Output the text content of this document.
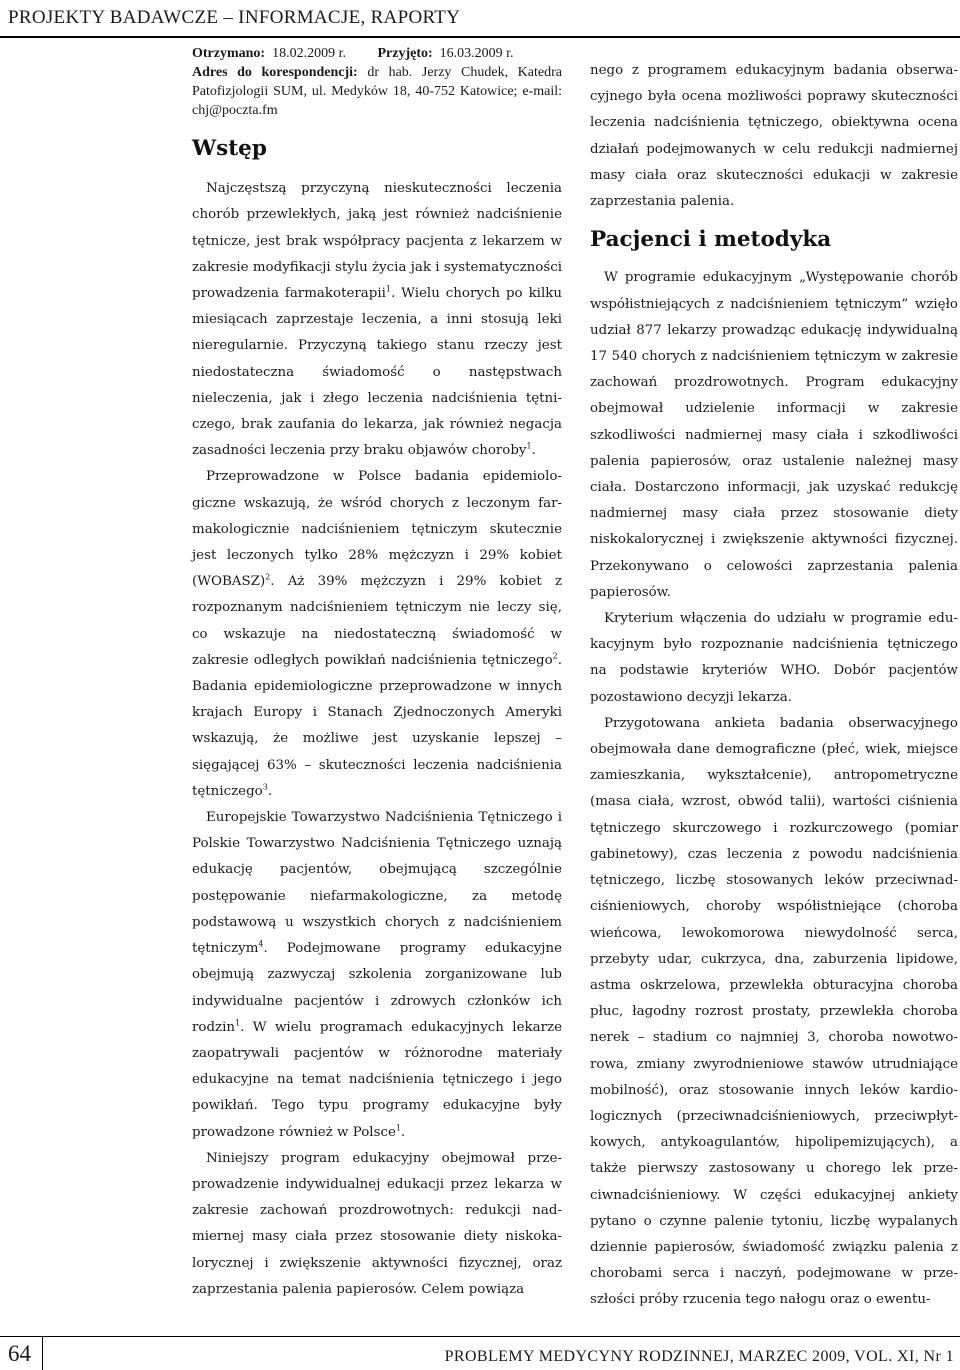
PROJEKTY BADAWCZE – INFORMACJE, RAPORTY

Otrzymano: 18.02.2009 r. Przyjęto: 16.03.2009 r.

Adres do korespondencji: dr hab. Jerzy Chudek, Katedra Patofizjologii SUM, ul. Medyków 18, 40-752 Katowice; e-mail: chj@poczta.fm

Wstęp

Najczęstszą przyczyną nieskuteczności leczenia chorób przewlekłych, jaką jest również nadciśnienie tętnicze, jest brak współpracy pacjenta z lekarzem w zakresie modyfikacji stylu życia jak i systematyczności prowadzenia farmakoterapii$^1$. Wielu chorych po kilku miesiącach zaprzestaje leczenia, a inni stosują leki nieregularnie. Przyczyną takiego stanu rzeczy jest niedostateczna świadomość o następstwach nieleczenia, jak i złego leczenia nadciśnienia tętniczego, brak zaufania do lekarza, jak również negacja zasadności leczenia przy braku objawów choroby$^1$.

Przeprowadzone w Polsce badania epidemiologiczne wskazują, że wśród chorych z leczonym farmakologicznie nadciśnieniem tętniczym skutecznie jest leczonych tylko 28% mężczyzn i 29% kobiet (WOBASZ)$^2$. Aż 39% mężczyzn i 29% kobiet z rozpoznanym nadciśnieniem tętniczym nie leczy się, co wskazuje na niedostateczną świadomość w zakresie odległych powikłań nadciśnienia tętniczego$^2$. Badania epidemiologiczne przeprowadzone w innych krajach Europy i Stanach Zjednoczonych Ameryki wskazują, że możliwe jest uzyskanie lepszej – sięgającej 63% – skuteczności leczenia nadciśnienia tętniczego$^3$.

Europejskie Towarzystwo Nadciśnienia Tętniczego i Polskie Towarzystwo Nadciśnienia Tętniczego uznają edukację pacjentów, obejmującą szczególnie postępowanie niefarmakologiczne, za metodę podstawową u wszystkich chorych z nadciśnieniem tętniczym$^4$. Podejmowane programy edukacyjne obejmują zazwyczaj szkolenia zorganizowane lub indywidualne pacjentów i zdrowych członków ich rodzin$^1$. W wielu programach edukacyjnych lekarze zaopatrywali pacjentów w różnorodne materiały edukacyjne na temat nadciśnienia tętniczego i jego powikłań. Tego typu programy edukacyjne były prowadzone również w Polsce$^1$.

Niniejszy program edukacyjny obejmował przeprowadzenie indywidualnej edukacji przez lekarza w zakresie zachowań prozdrowotnych: redukcji nadmiernej masy ciała przez stosowanie diety niskokalorycznej i zwiększenie aktywności fizycznej, oraz zaprzestania palenia papierosów. Celem powiąza

nego z programem edukacyjnym badania obserwacyjnego była ocena możliwości poprawy skuteczności leczenia nadciśnienia tętniczego, obiektywna ocena działań podejmowanych w celu redukcji nadmiernej masy ciała oraz skuteczności edukacji w zakresie zaprzestania palenia.

Pacjenci i metodyka

W programie edukacyjnym „Występowanie chorób współistniejących z nadciśnieniem tętniczym” wzięło udział 877 lekarzy prowadząc edukację indywidualną 17 540 chorych z nadciśnieniem tętniczym w zakresie zachowań prozdrowotnych. Program edukacyjny obejmował udzielenie informacji w zakresie szkodliwości nadmiernej masy ciała i szkodliwości palenia papierosów, oraz ustalenie należnej masy ciała. Dostarczono informacji, jak uzyskać redukcję nadmiernej masy ciała przez stosowanie diety niskokalorycznej i zwiększenie aktywności fizycznej. Przekonywano o celowości zaprzestania palenia papierosów.

Kryterium włączenia do udziału w programie edukacyjnym było rozpoznanie nadciśnienia tętniczego na podstawie kryteriów WHO. Dobór pacjentów pozostawiono decyzji lekarza.

Przygotowana ankieta badania obserwacyjnego obejmowała dane demograficzne (płeć, wiek, miejsce zamieszkania, wykształcenie), antropometryczne (masa ciała, wzrost, obwód talii), wartości ciśnienia tętniczego skurczowego i rozkurczowego (pomiar gabinetowy), czas leczenia z powodu nadciśnienia tętniczego, liczbę stosowanych leków przeciwnadciśnieniowych, choroby współistniejące (choroba wieńcowa, lewokomorowa niewydolność serca, przebyty udar, cukrzyca, dna, zaburzenia lipidowe, astma oskrzelowa, przewlekła obturacyjna choroba płuc, łagodny rozrost prostaty, przewlekła choroba nerek – stadium co najmniej 3, choroba nowotworowa, zmiany zwyrodnieniowe stawów utrudniające mobilność), oraz stosowanie innych leków kardiologicznych (przeciwnadciśnieniowych, przeciwpłytkowych, antykoagulantów, hipolipemizujących), a także pierwszy zastosowany u chorego lek przeciwnadciśnieniowy. W części edukacyjnej ankiety pytano o czynne palenie tytoniu, liczbę wypalanych dziennie papierosów, świadomość związku palenia z chorobami serca i naczyń, podejmowane w przeszłości próby rzucenia tego nałogu oraz o ewentu-

64	PROBLEMY MEDYCYNY RODZINNEJ, MARZEC 2009, VOL. XI, Nr 1
